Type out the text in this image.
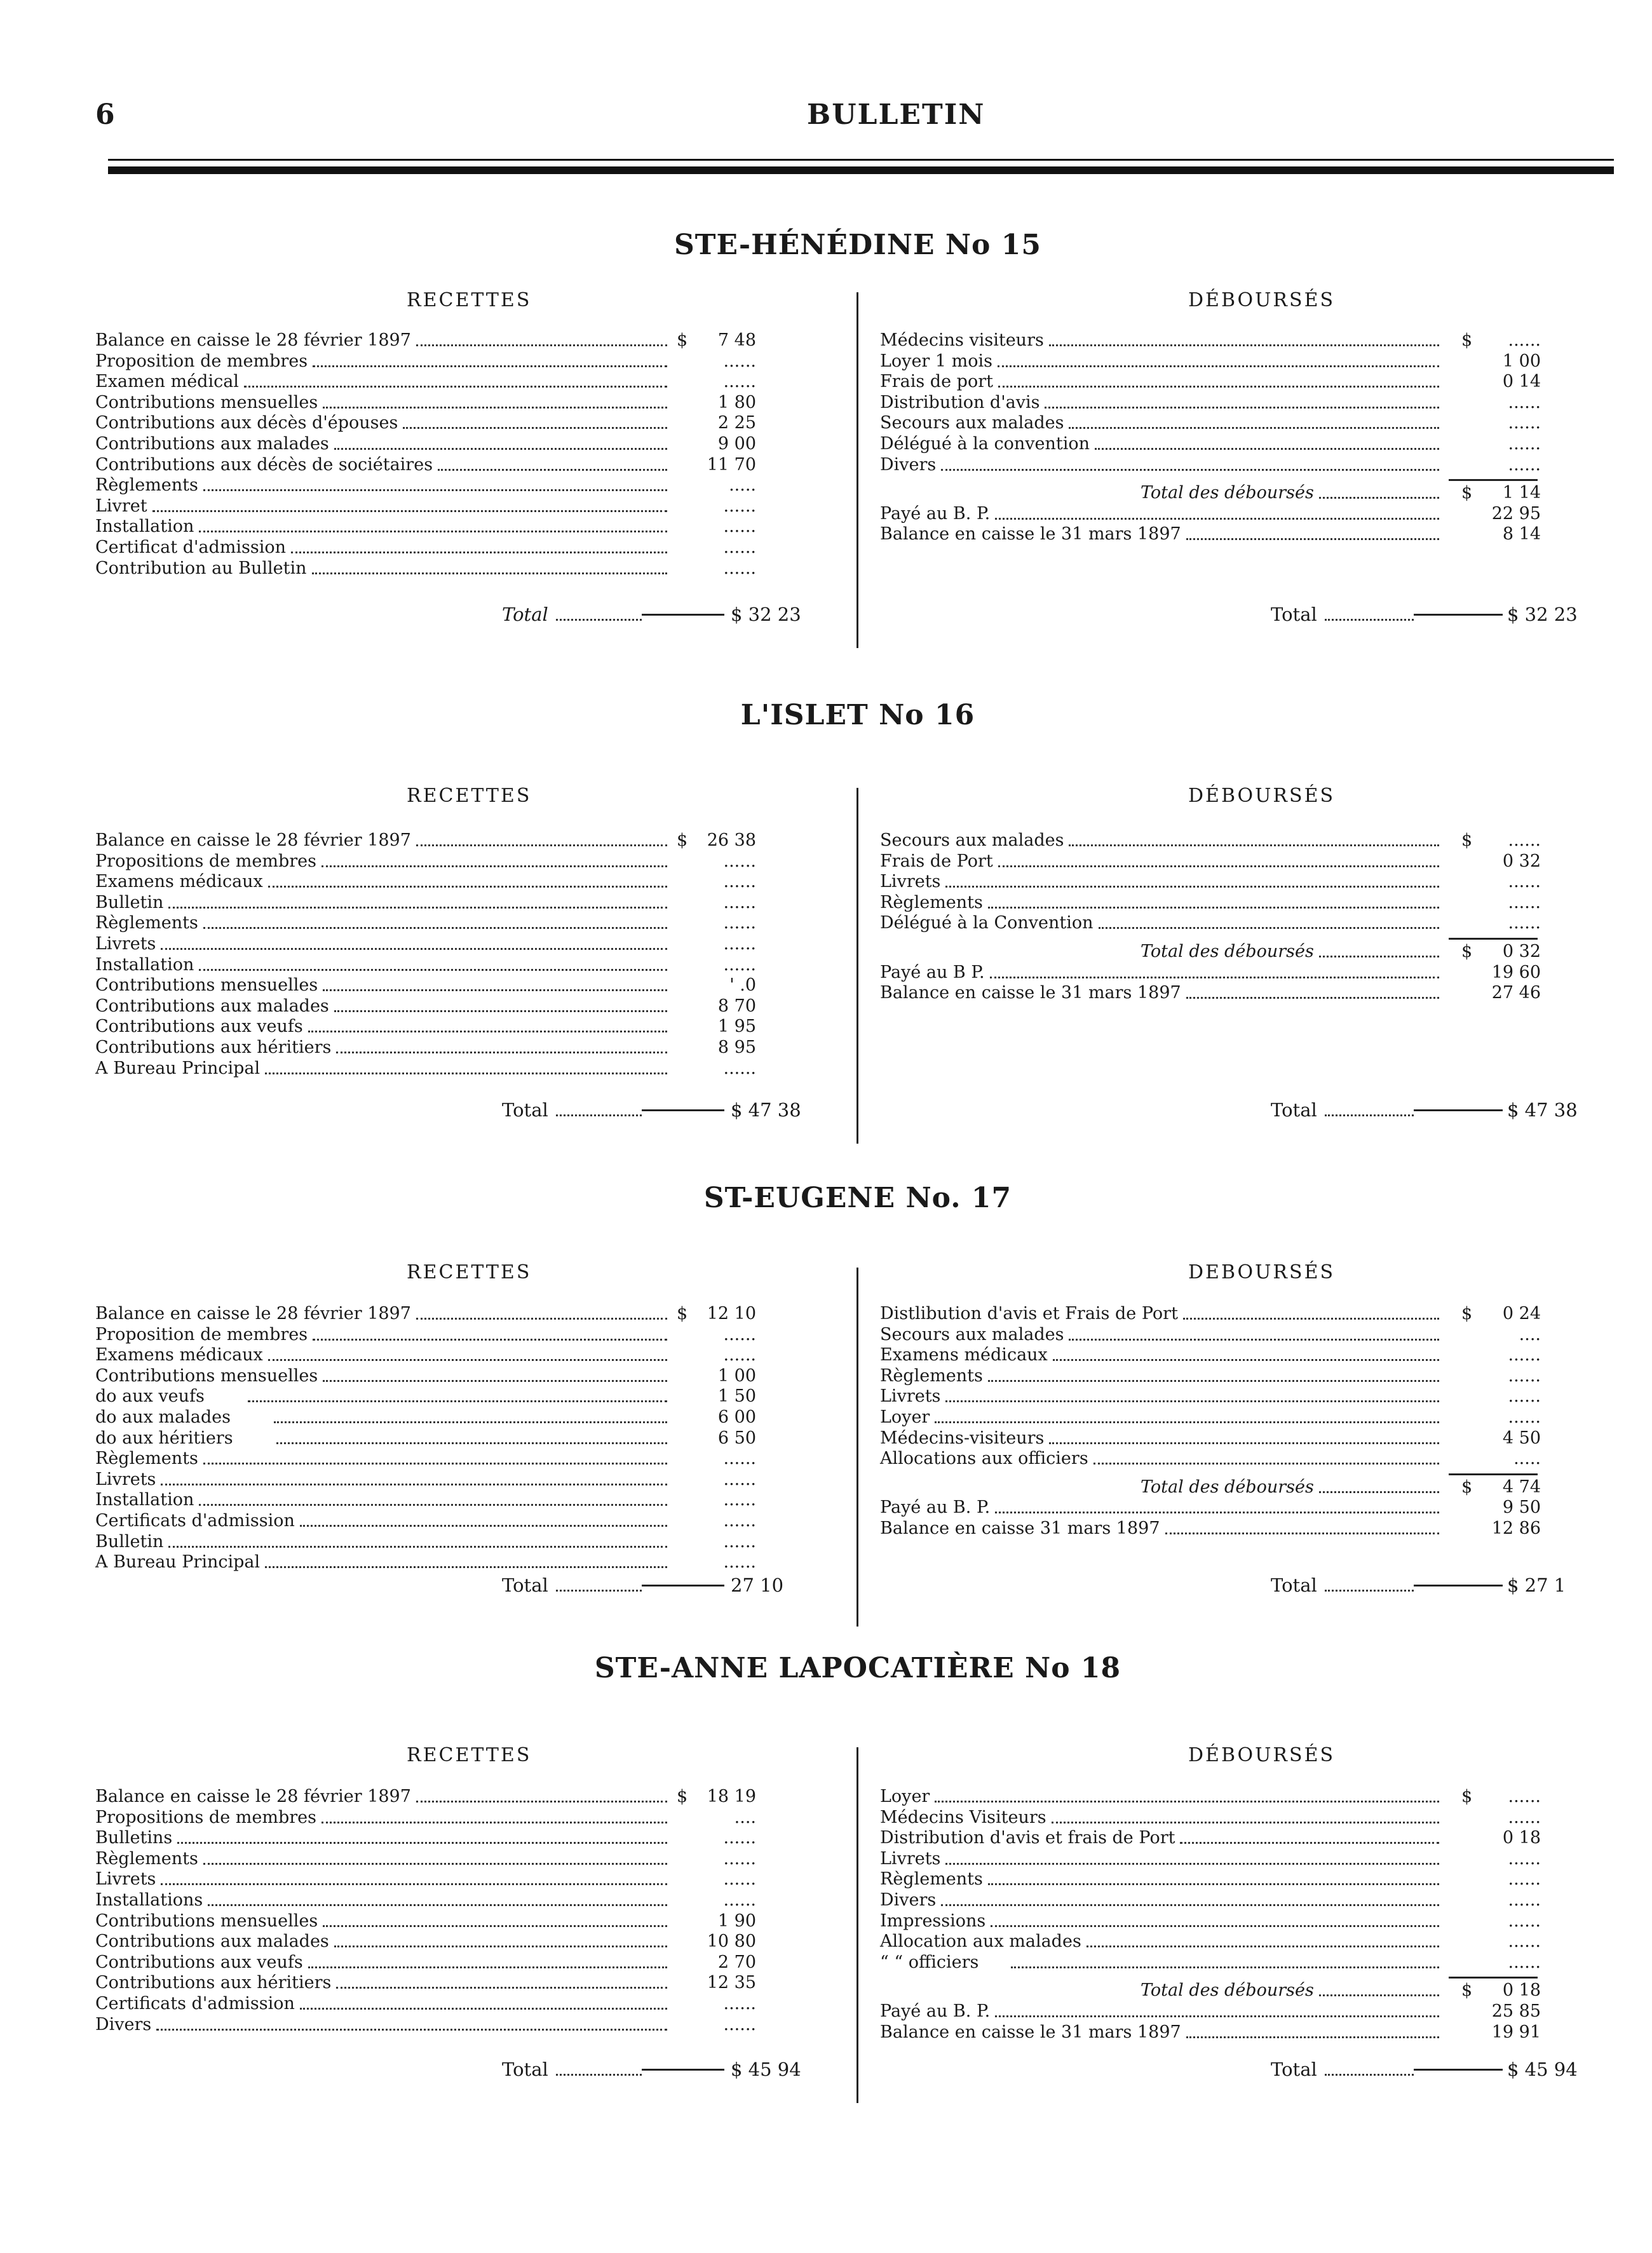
6	BULLETIN
STE-HÉNÉDINE No 15
RECETTES	DÉBOURSÉS
Balance en caisse le 28 février 1897	$	7 48
Proposition de membres	......
Examen médical	......
Contributions mensuelles	1 80
Contributions aux décès d'épouses	2 25
Contributions aux malades	9 00
Contributions aux décès de sociétaires	11 70
Règlements	.....
Livret	......
Installation	......
Certificat d'admission	......
Contribution au Bulletin	......
Médecins visiteurs	$	......
Loyer 1 mois	1 00
Frais de port	0 14
Distribution d'avis	......
Secours aux malades	......
Délégué à la convention	......
Divers	......
Total des déboursés	$	1 14
Payé au B. P.	22 95
Balance en caisse le 31 mars 1897	8 14
Total	$ 32 23	Total	$ 32 23
L'ISLET No 16
RECETTES	DÉBOURSÉS
Balance en caisse le 28 février 1897	$	26 38
Propositions de membres	......
Examens médicaux	......
Bulletin	......
Règlements	......
Livrets	......
Installation	......
Contributions mensuelles	' .0
Contributions aux malades	8 70
Contributions aux veufs	1 95
Contributions aux héritiers	8 95
A Bureau Principal	......
Secours aux malades	$	......
Frais de Port	0 32
Livrets	......
Règlements	......
Délégué à la Convention	......
Total des déboursés	$	0 32
Payé au B P.	19 60
Balance en caisse le 31 mars 1897	27 46
Total	$ 47 38	Total	$ 47 38
ST-EUGENE No. 17
RECETTES	DEBOURSÉS
Balance en caisse le 28 février 1897	$	12 10
Proposition de membres	......
Examens médicaux	......
Contributions mensuelles	1 00
do aux veufs	1 50
do aux malades	6 00
do aux héritiers	6 50
Règlements	......
Livrets	......
Installation	......
Certificats d'admission	......
Bulletin	......
A Bureau Principal	......
Distlibution d'avis et Frais de Port	$	0 24
Secours aux malades	....
Examens médicaux	......
Règlements	......
Livrets	......
Loyer	......
Médecins-visiteurs	4 50
Allocations aux officiers	.....
Total des déboursés	$	4 74
Payé au B. P.	9 50
Balance en caisse 31 mars 1897	12 86
Total	27 10	Total	$ 27 1
STE-ANNE LAPOCATIÈRE No 18
RECETTES	DÉBOURSÉS
Balance en caisse le 28 février 1897	$	18 19
Propositions de membres	....
Bulletins	......
Règlements	......
Livrets	......
Installations	......
Contributions mensuelles	1 90
Contributions aux malades	10 80
Contributions aux veufs	2 70
Contributions aux héritiers	12 35
Certificats d'admission	......
Divers	......
Loyer	$	......
Médecins Visiteurs	......
Distribution d'avis et frais de Port	0 18
Livrets	......
Règlements	......
Divers	......
Impressions	......
Allocation aux malades	......
“ “ officiers	......
Total des déboursés	$	0 18
Payé au B. P.	25 85
Balance en caisse le 31 mars 1897	19 91
Total	$ 45 94	Total	$ 45 94
